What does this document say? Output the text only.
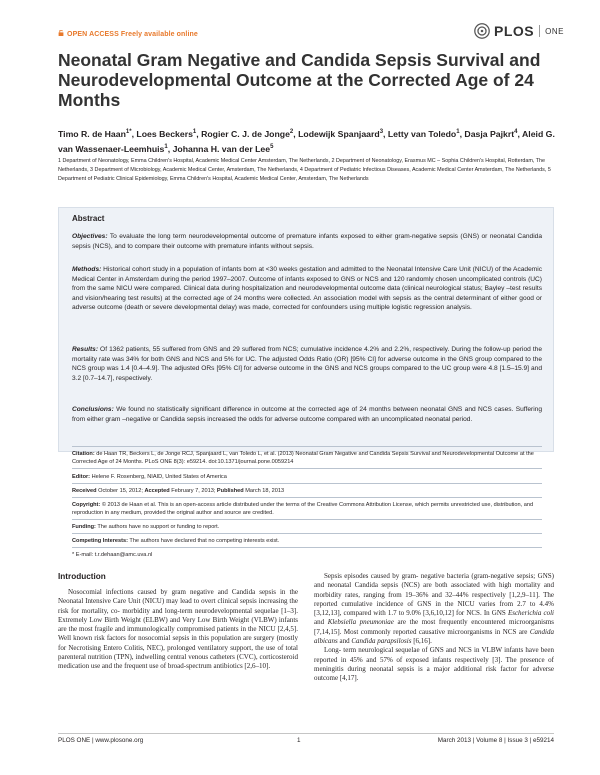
OPEN ACCESS Freely available online	PLOS ONE
Neonatal Gram Negative and Candida Sepsis Survival and Neurodevelopmental Outcome at the Corrected Age of 24 Months
Timo R. de Haan$^{1*}$, Loes Beckers$^1$, Rogier C. J. de Jonge$^2$, Lodewijk Spanjaard$^3$, Letty van Toledo$^1$, Dasja Pajkrt$^4$, Aleid G. van Wassenaer-Leemhuis$^1$, Johanna H. van der Lee$^5$
1 Department of Neonatology, Emma Children's Hospital, Academic Medical Center Amsterdam, The Netherlands, 2 Department of Neonatology, Erasmus MC – Sophia Children's Hospital, Rotterdam, The Netherlands, 3 Department of Microbiology, Academic Medical Center, Amsterdam, The Netherlands, 4 Department of Pediatric Infectious Diseases, Academic Medical Center Amsterdam, The Netherlands, 5 Department of Pediatric Clinical Epidemiology, Emma Children's Hospital, Academic Medical Center, Amsterdam, The Netherlands
Abstract
Objectives: To evaluate the long term neurodevelopmental outcome of premature infants exposed to either gram-negative sepsis (GNS) or neonatal Candida sepsis (NCS), and to compare their outcome with premature infants without sepsis.
Methods: Historical cohort study in a population of infants born at <30 weeks gestation and admitted to the Neonatal Intensive Care Unit (NICU) of the Academic Medical Center in Amsterdam during the period 1997–2007. Outcome of infants exposed to GNS or NCS and 120 randomly chosen uncomplicated controls (UC) from the same NICU were compared. Clinical data during hospitalization and neurodevelopmental outcome data (clinical neurological status; Bayley –test results and vision/hearing test results) at the corrected age of 24 months were collected. An association model with sepsis as the central determinant of either good or adverse outcome (death or severe developmental delay) was made, corrected for confounders using multiple logistic regression analysis.
Results: Of 1362 patients, 55 suffered from GNS and 29 suffered from NCS; cumulative incidence 4.2% and 2.2%, respectively. During the follow-up period the mortality rate was 34% for both GNS and NCS and 5% for UC. The adjusted Odds Ratio (OR) [95% CI] for adverse outcome in the GNS group compared to the NCS group was 1.4 [0.4–4.9]. The adjusted ORs [95% CI] for adverse outcome in the GNS and NCS groups compared to the UC group were 4.8 [1.5–15.9] and 3.2 [0.7–14.7], respectively.
Conclusions: We found no statistically significant difference in outcome at the corrected age of 24 months between neonatal GNS and NCS cases. Suffering from either gram –negative or Candida sepsis increased the odds for adverse outcome compared with an uncomplicated neonatal period.
Citation: de Haan TR, Beckers L, de Jonge RCJ, Spanjaard L, van Toledo L, et al. (2013) Neonatal Gram Negative and Candida Sepsis Survival and Neurodevelopmental Outcome at the Corrected Age of 24 Months. PLoS ONE 8(3): e59214. doi:10.1371/journal.pone.0059214
Editor: Helene F. Rosenberg, NIAID, United States of America
Received October 15, 2012; Accepted February 7, 2013; Published March 18, 2013
Copyright: © 2013 de Haan et al. This is an open-access article distributed under the terms of the Creative Commons Attribution License, which permits unrestricted use, distribution, and reproduction in any medium, provided the original author and source are credited.
Funding: The authors have no support or funding to report.
Competing Interests: The authors have declared that no competing interests exist.
* E-mail: t.r.dehaan@amc.uva.nl
Introduction

Nosocomial infections caused by gram negative and Candida sepsis in the Neonatal Intensive Care Unit (NICU) may lead to overt clinical sepsis increasing the risk for mortality, co- morbidity and long-term neurodevelopmental sequelae [1–3]. Extremely Low Birth Weight (ELBW) and Very Low Birth Weight (VLBW) infants are the most fragile and immunologically compromised patients in the NICU [2,4,5]. Well known risk factors for nosocomial sepsis in this population are surgery (mostly for Necrotising Entero Colitis, NEC), prolonged ventilatory support, the use of total parenteral nutrition (TPN), indwelling central venous catheters (CVC), corticosteroid medication use and the frequent use of broad-spectrum antibiotics [2,6–10].

Sepsis episodes caused by gram- negative bacteria (gram-negative sepsis; GNS) and neonatal Candida sepsis (NCS) are both associated with high mortality and morbidity rates, ranging from 19–36% and 32–44% respectively [1,2,9–11]. The reported cumulative incidence of GNS in the NICU varies from 2.7 to 4.4% [3,12,13], compared with 1.7 to 9.0% [3,6,10,12] for NCS. In GNS Escherichia coli and Klebsiella pneumoniae are the most frequently encountered microorganisms [7,14,15]. Most commonly reported causative microorganisms in NCS are Candida albicans and Candida parapsilosis [6,16].

Long- term neurological sequelae of GNS and NCS in VLBW infants have been reported in 45% and 57% of exposed infants respectively [3]. The presence of meningitis during neonatal sepsis is a major additional risk factor for adverse outcome [4,17].

PLOS ONE | www.plosone.org	1	March 2013 | Volume 8 | Issue 3 | e59214
